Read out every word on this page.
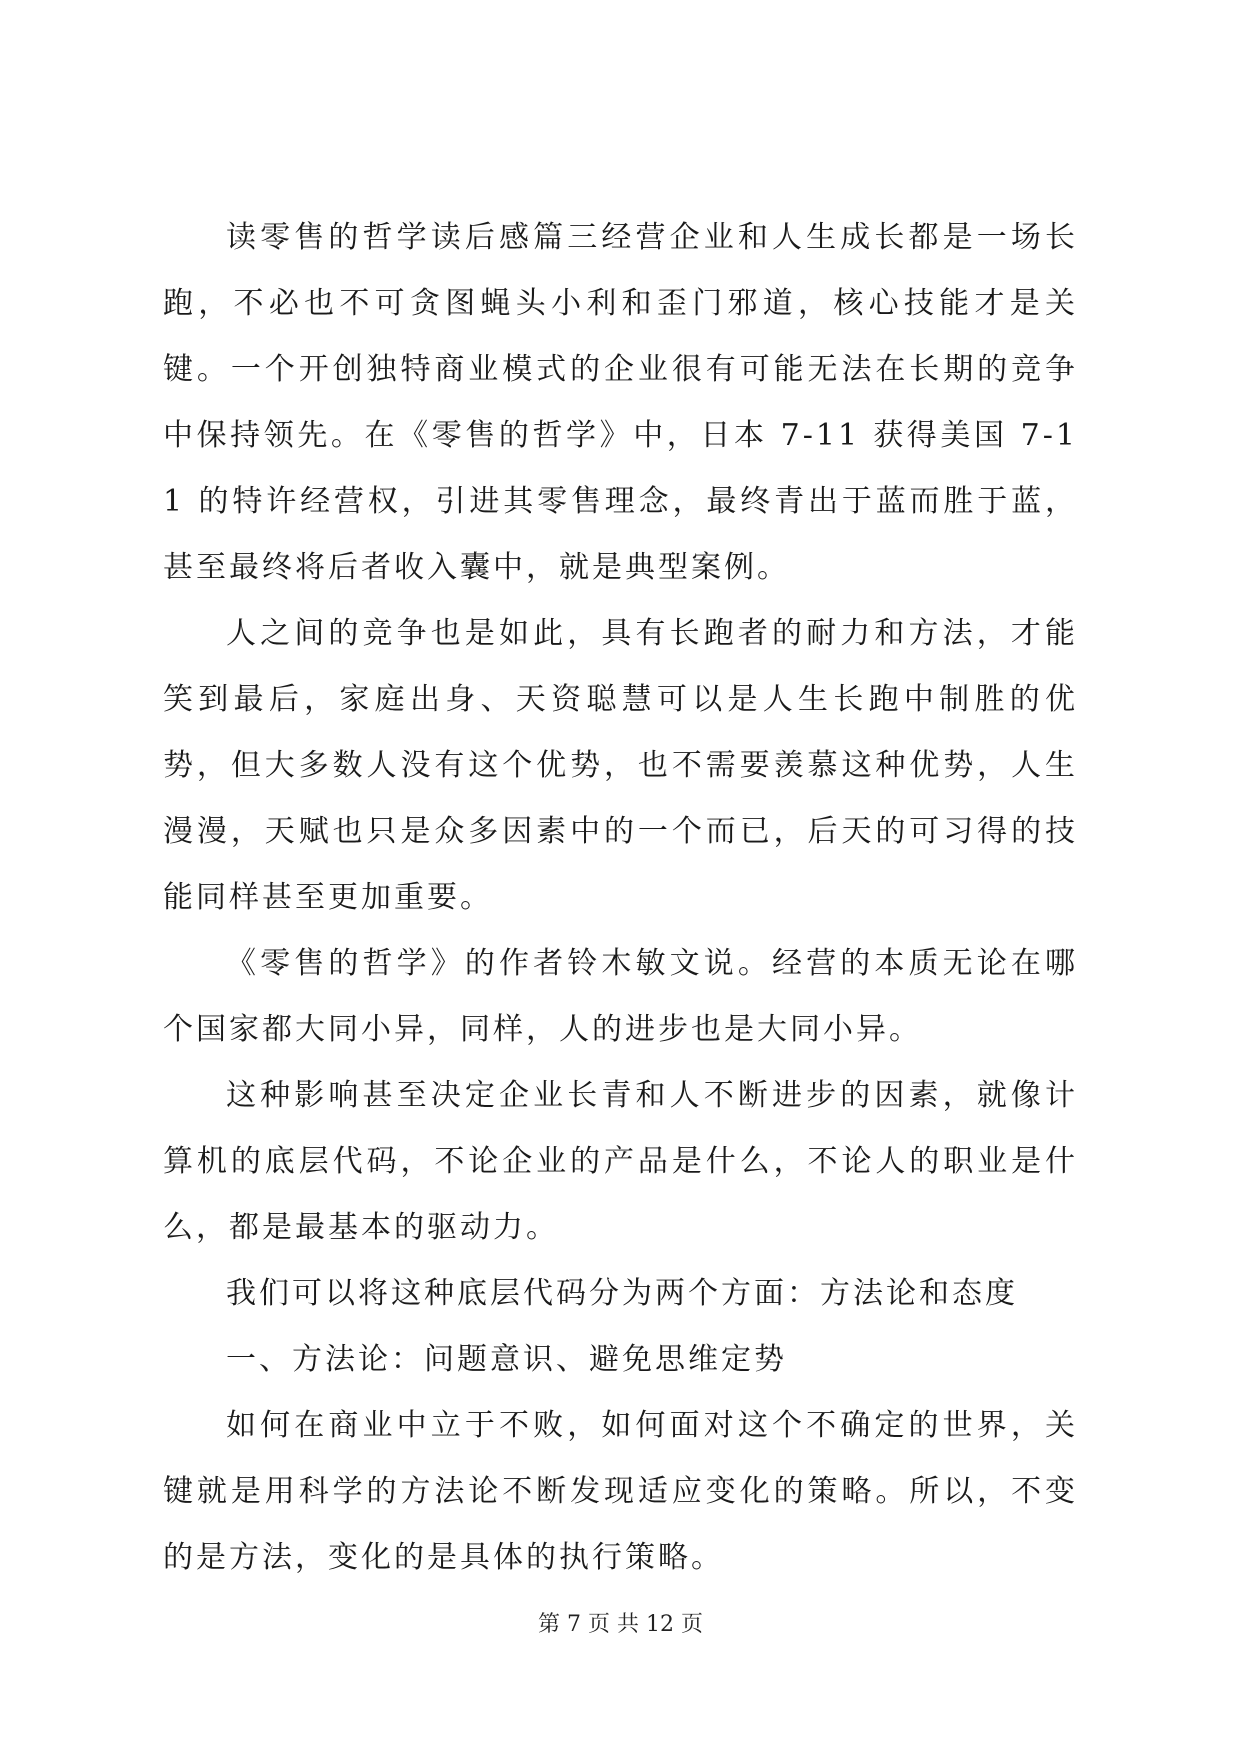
读零售的哲学读后感篇三经营企业和人生成长都是一场长跑，不必也不可贪图蝇头小利和歪门邪道，核心技能才是关键。一个开创独特商业模式的企业很有可能无法在长期的竞争中保持领先。在《零售的哲学》中，日本 7-11 获得美国 7-11 的特许经营权，引进其零售理念，最终青出于蓝而胜于蓝，甚至最终将后者收入囊中，就是典型案例。

人之间的竞争也是如此，具有长跑者的耐力和方法，才能笑到最后，家庭出身、天资聪慧可以是人生长跑中制胜的优势，但大多数人没有这个优势，也不需要羡慕这种优势，人生漫漫，天赋也只是众多因素中的一个而已，后天的可习得的技能同样甚至更加重要。

《零售的哲学》的作者铃木敏文说。经营的本质无论在哪个国家都大同小异，同样，人的进步也是大同小异。

这种影响甚至决定企业长青和人不断进步的因素，就像计算机的底层代码，不论企业的产品是什么，不论人的职业是什么，都是最基本的驱动力。

我们可以将这种底层代码分为两个方面：方法论和态度

一、方法论：问题意识、避免思维定势

如何在商业中立于不败，如何面对这个不确定的世界，关键就是用科学的方法论不断发现适应变化的策略。所以，不变的是方法，变化的是具体的执行策略。

第 7 页 共 12 页
